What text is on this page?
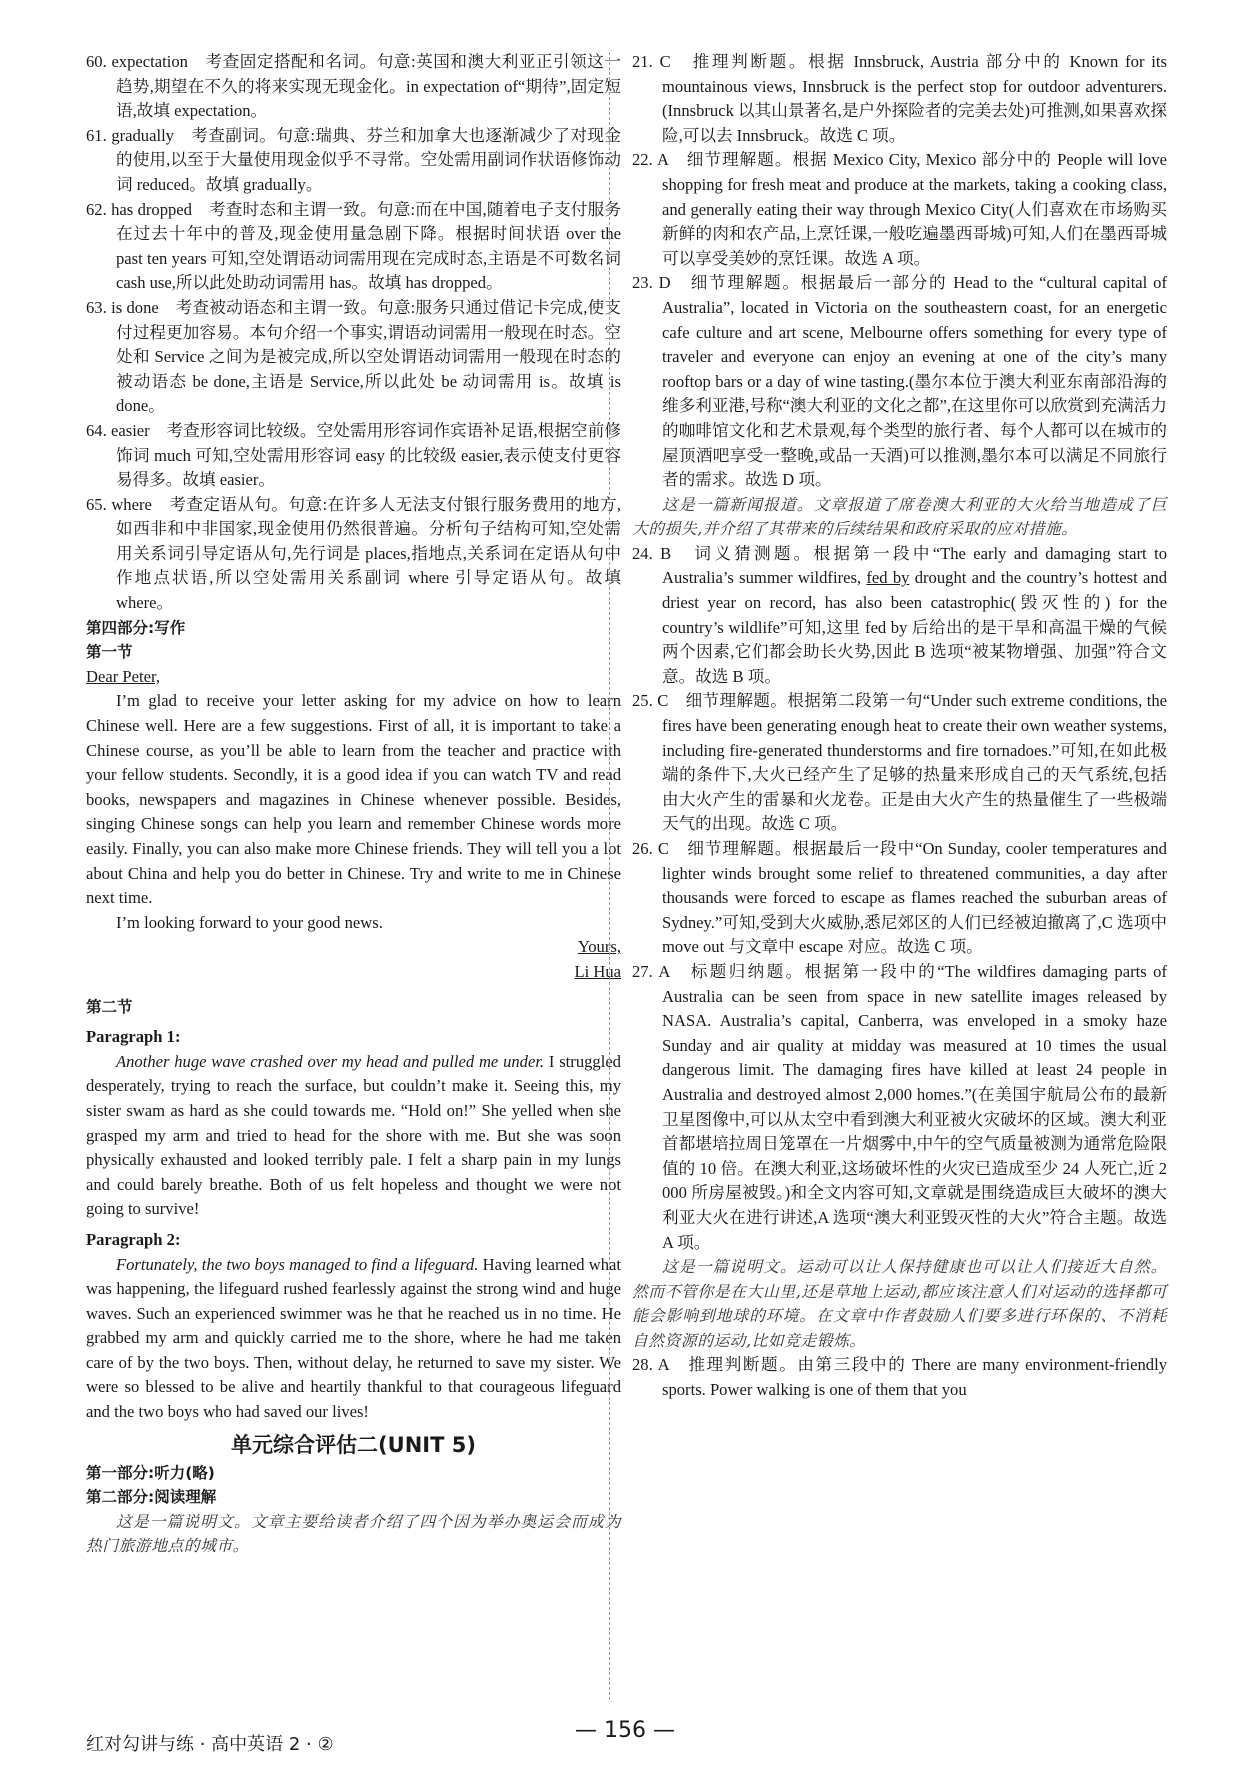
60. expectation　考查固定搭配和名词。句意:英国和澳大利亚正引领这一趋势,期望在不久的将来实现无现金化。in expectation of“期待”,固定短语,故填 expectation。

61. gradually　考查副词。句意:瑞典、芬兰和加拿大也逐渐减少了对现金的使用,以至于大量使用现金似乎不寻常。空处需用副词作状语修饰动词 reduced。故填 gradually。

62. has dropped　考查时态和主谓一致。句意:而在中国,随着电子支付服务在过去十年中的普及,现金使用量急剧下降。根据时间状语 over the past ten years 可知,空处谓语动词需用现在完成时态,主语是不可数名词 cash use,所以此处助动词需用 has。故填 has dropped。

63. is done　考查被动语态和主谓一致。句意:服务只通过借记卡完成,使支付过程更加容易。本句介绍一个事实,谓语动词需用一般现在时态。空处和 Service 之间为是被完成,所以空处谓语动词需用一般现在时态的被动语态 be done,主语是 Service,所以此处 be 动词需用 is。故填 is done。

64. easier　考查形容词比较级。空处需用形容词作宾语补足语,根据空前修饰词 much 可知,空处需用形容词 easy 的比较级 easier,表示使支付更容易得多。故填 easier。

65. where　考查定语从句。句意:在许多人无法支付银行服务费用的地方,如西非和中非国家,现金使用仍然很普遍。分析句子结构可知,空处需用关系词引导定语从句,先行词是 places,指地点,关系词在定语从句中作地点状语,所以空处需用关系副词 where 引导定语从句。故填 where。

第四部分:写作

第一节

Dear Peter,

I’m glad to receive your letter asking for my advice on how to learn Chinese well. Here are a few suggestions. First of all, it is important to take a Chinese course, as you’ll be able to learn from the teacher and practice with your fellow students. Secondly, it is a good idea if you can watch TV and read books, newspapers and magazines in Chinese whenever possible. Besides, singing Chinese songs can help you learn and remember Chinese words more easily. Finally, you can also make more Chinese friends. They will tell you a lot about China and help you do better in Chinese. Try and write to me in Chinese next time.

I’m looking forward to your good news.

Yours,

Li Hua

第二节

Paragraph 1:

Another huge wave crashed over my head and pulled me under. I struggled desperately, trying to reach the surface, but couldn’t make it. Seeing this, my sister swam as hard as she could towards me. “Hold on!” She yelled when she grasped my arm and tried to head for the shore with me. But she was soon physically exhausted and looked terribly pale. I felt a sharp pain in my lungs and could barely breathe. Both of us felt hopeless and thought we were not going to survive!

Paragraph 2:

Fortunately, the two boys managed to find a lifeguard. Having learned what was happening, the lifeguard rushed fearlessly against the strong wind and huge waves. Such an experienced swimmer was he that he reached us in no time. He grabbed my arm and quickly carried me to the shore, where he had me taken care of by the two boys. Then, without delay, he returned to save my sister. We were so blessed to be alive and heartily thankful to that courageous lifeguard and the two boys who had saved our lives!

单元综合评估二(UNIT 5)

第一部分:听力(略)

第二部分:阅读理解

这是一篇说明文。文章主要给读者介绍了四个因为举办奥运会而成为热门旅游地点的城市。

21. C　推理判断题。根据 Innsbruck, Austria 部分中的 Known for its mountainous views, Innsbruck is the perfect stop for outdoor adventurers.(Innsbruck 以其山景著名,是户外探险者的完美去处)可推测,如果喜欢探险,可以去 Innsbruck。故选 C 项。

22. A　细节理解题。根据 Mexico City, Mexico 部分中的 People will love shopping for fresh meat and produce at the markets, taking a cooking class, and generally eating their way through Mexico City(人们喜欢在市场购买新鲜的肉和农产品,上烹饪课,一般吃遍墨西哥城)可知,人们在墨西哥城可以享受美妙的烹饪课。故选 A 项。

23. D　细节理解题。根据最后一部分的 Head to the “cultural capital of Australia”, located in Victoria on the southeastern coast, for an energetic cafe culture and art scene, Melbourne offers something for every type of traveler and everyone can enjoy an evening at one of the city’s many rooftop bars or a day of wine tasting.(墨尔本位于澳大利亚东南部沿海的维多利亚港,号称“澳大利亚的文化之都”,在这里你可以欣赏到充满活力的咖啡馆文化和艺术景观,每个类型的旅行者、每个人都可以在城市的屋顶酒吧享受一整晚,或品一天酒)可以推测,墨尔本可以满足不同旅行者的需求。故选 D 项。

这是一篇新闻报道。文章报道了席卷澳大利亚的大火给当地造成了巨大的损失,并介绍了其带来的后续结果和政府采取的应对措施。

24. B　词义猜测题。根据第一段中“The early and damaging start to Australia’s summer wildfires, fed by drought and the country’s hottest and driest year on record, has also been catastrophic(毁灭性的) for the country’s wildlife”可知,这里 fed by 后给出的是干旱和高温干燥的气候两个因素,它们都会助长火势,因此 B 选项“被某物增强、加强”符合文意。故选 B 项。

25. C　细节理解题。根据第二段第一句“Under such extreme conditions, the fires have been generating enough heat to create their own weather systems, including fire-generated thunderstorms and fire tornadoes.”可知,在如此极端的条件下,大火已经产生了足够的热量来形成自己的天气系统,包括由大火产生的雷暴和火龙卷。正是由大火产生的热量催生了一些极端天气的出现。故选 C 项。

26. C　细节理解题。根据最后一段中“On Sunday, cooler temperatures and lighter winds brought some relief to threatened communities, a day after thousands were forced to escape as flames reached the suburban areas of Sydney.”可知,受到大火威胁,悉尼郊区的人们已经被迫撤离了,C 选项中 move out 与文章中 escape 对应。故选 C 项。

27. A　标题归纳题。根据第一段中的“The wildfires damaging parts of Australia can be seen from space in new satellite images released by NASA. Australia’s capital, Canberra, was enveloped in a smoky haze Sunday and air quality at midday was measured at 10 times the usual dangerous limit. The damaging fires have killed at least 24 people in Australia and destroyed almost 2,000 homes.”(在美国宇航局公布的最新卫星图像中,可以从太空中看到澳大利亚被火灾破坏的区域。澳大利亚首都堪培拉周日笼罩在一片烟雾中,中午的空气质量被测为通常危险限值的 10 倍。在澳大利亚,这场破坏性的火灾已造成至少 24 人死亡,近 2 000 所房屋被毁。)和全文内容可知,文章就是围绕造成巨大破坏的澳大利亚大火在进行讲述,A 选项“澳大利亚毁灭性的大火”符合主题。故选 A 项。

这是一篇说明文。运动可以让人保持健康也可以让人们接近大自然。然而不管你是在大山里,还是草地上运动,都应该注意人们对运动的选择都可能会影响到地球的环境。在文章中作者鼓励人们要多进行环保的、不消耗自然资源的运动,比如竞走锻炼。

28. A　推理判断题。由第三段中的 There are many environment-friendly sports. Power walking is one of them that you

红对勾讲与练 · 高中英语 2 · ②
— 156 —
